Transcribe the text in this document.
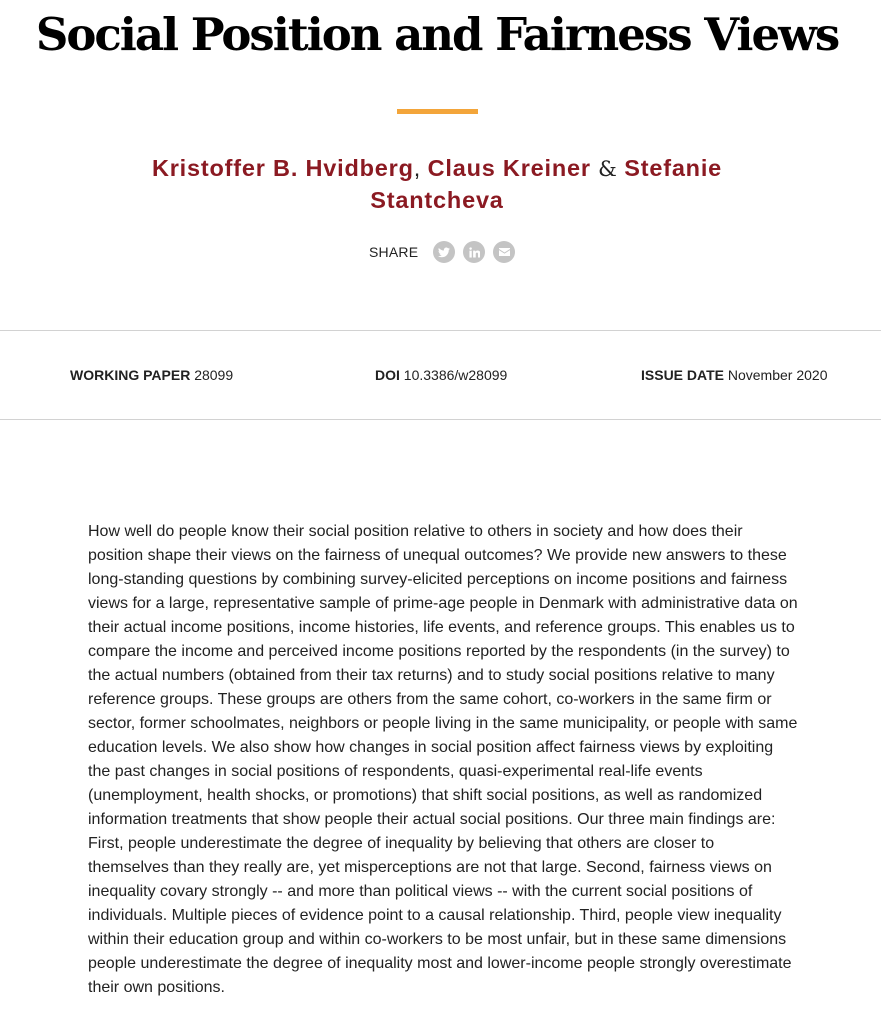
Social Position and Fairness Views
Kristoffer B. Hvidberg, Claus Kreiner & Stefanie
Stantcheva
SHARE
WORKING PAPER 28099	DOI 10.3386/w28099	ISSUE DATE November 2020

How well do people know their social position relative to others in society and how does their position shape their views on the fairness of unequal outcomes? We provide new answers to these long-standing questions by combining survey-elicited perceptions on income positions and fairness views for a large, representative sample of prime-age people in Denmark with administrative data on their actual income positions, income histories, life events, and reference groups. This enables us to compare the income and perceived income positions reported by the respondents (in the survey) to the actual numbers (obtained from their tax returns) and to study social positions relative to many reference groups. These groups are others from the same cohort, co-workers in the same firm or sector, former schoolmates, neighbors or people living in the same municipality, or people with same education levels. We also show how changes in social position affect fairness views by exploiting the past changes in social positions of respondents, quasi-experimental real-life events (unemployment, health shocks, or promotions) that shift social positions, as well as randomized information treatments that show people their actual social positions. Our three main findings are: First, people underestimate the degree of inequality by believing that others are closer to themselves than they really are, yet misperceptions are not that large. Second, fairness views on inequality covary strongly -- and more than political views -- with the current social positions of individuals. Multiple pieces of evidence point to a causal relationship. Third, people view inequality within their education group and within co-workers to be most unfair, but in these same dimensions people underestimate the degree of inequality most and lower-income people strongly overestimate their own positions.
